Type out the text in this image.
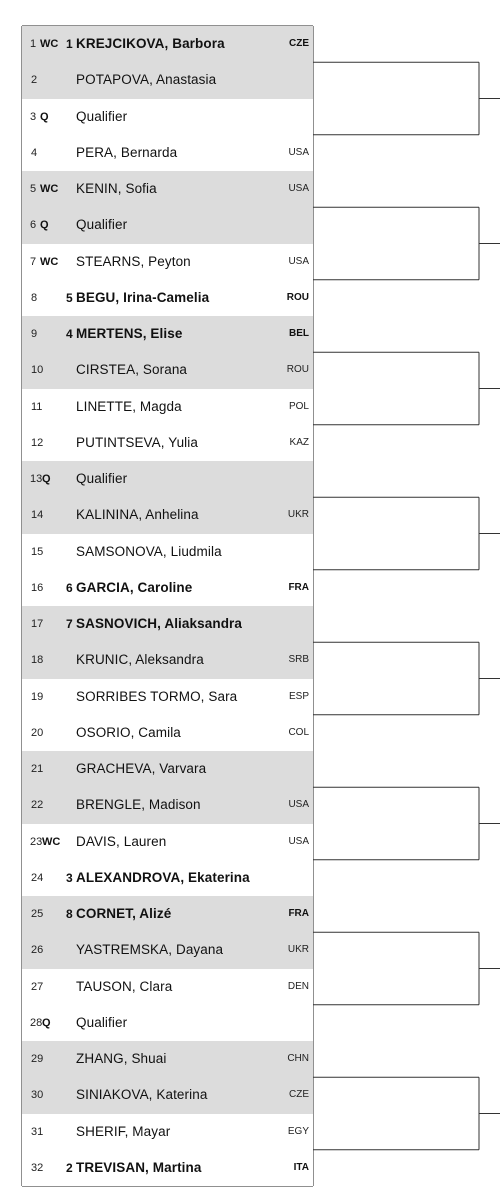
1 WC 1 KREJCIKOVA, Barbora	CZE
2	POTAPOVA, Anastasia
3 Q Qualifier
4	PERA, Bernarda	USA
5 WC KENIN, Sofia	USA
6 Q Qualifier
7 WC STEARNS, Peyton	USA
8 5 BEGU, Irina-Camelia	ROU
9 4 MERTENS, Elise	BEL
10 CIRSTEA, Sorana	ROU
11 LINETTE, Magda	POL
12 PUTINTSEVA, Yulia	KAZ
13 Q Qualifier
14 KALININA, Anhelina	UKR
15 SAMSONOVA, Liudmila
16 6 GARCIA, Caroline	FRA
17 7 SASNOVICH, Aliaksandra
18 KRUNIC, Aleksandra	SRB
19 SORRIBES TORMO, Sara	ESP
20 OSORIO, Camila	COL
21 GRACHEVA, Varvara
22 BRENGLE, Madison	USA
23 WC DAVIS, Lauren	USA
24 3 ALEXANDROVA, Ekaterina
25 8 CORNET, Alizé	FRA
26 YASTREMSKA, Dayana	UKR
27 TAUSON, Clara	DEN
28 Q Qualifier
29 ZHANG, Shuai	CHN
30 SINIAKOVA, Katerina	CZE
31 SHERIF, Mayar	EGY
32 2 TREVISAN, Martina	ITA
